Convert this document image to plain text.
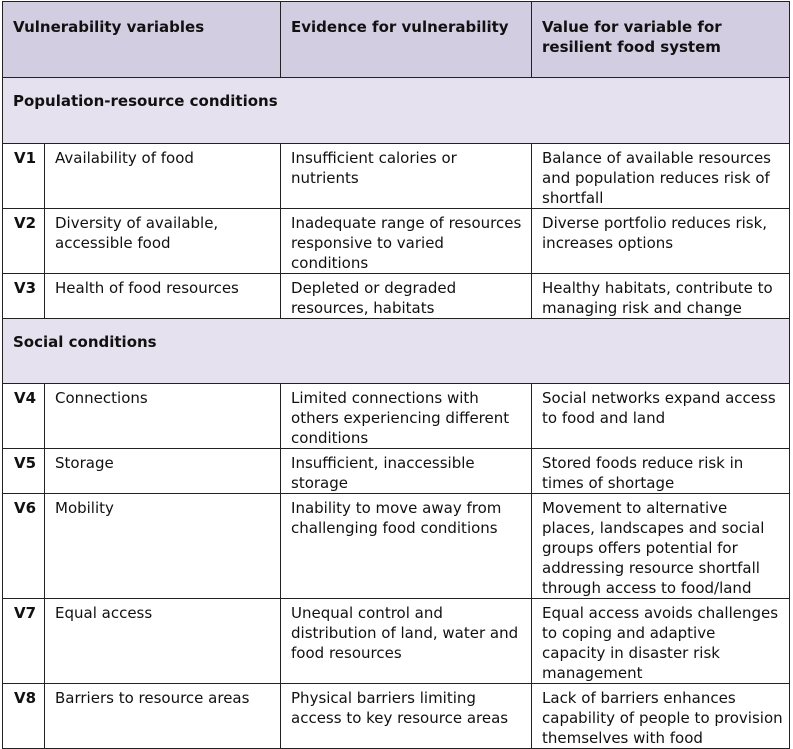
Vulnerability variables		Evidence for vulnerability	Value for variable for resilient food system
Population-resource conditions			
V1	Availability of food	Insufficient calories or nutrients	Balance of available resources and population reduces risk of shortfall
V2	Diversity of available, accessible food	Inadequate range of resources responsive to varied conditions	Diverse portfolio reduces risk, increases options
V3	Health of food resources	Depleted or degraded resources, habitats	Healthy habitats, contribute to managing risk and change
Social conditions			
V4	Connections	Limited connections with others experiencing different conditions	Social networks expand access to food and land
V5	Storage	Insufficient, inaccessible storage	Stored foods reduce risk in times of shortage
V6	Mobility	Inability to move away from challenging food conditions	Movement to alternative places, landscapes and social groups offers potential for addressing resource shortfall through access to food/land
V7	Equal access	Unequal control and distribution of land, water and food resources	Equal access avoids challenges to coping and adaptive capacity in disaster risk management
V8	Barriers to resource areas	Physical barriers limiting access to key resource areas	Lack of barriers enhances capability of people to provision themselves with food
